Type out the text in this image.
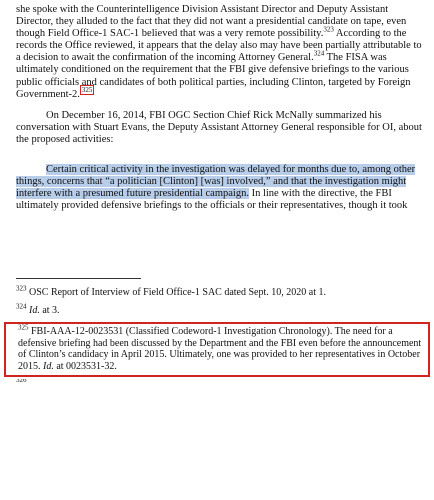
she spoke with the Counterintelligence Division Assistant Director and Deputy Assistant Director, they alluded to the fact that they did not want a presidential candidate on tape, even though Field Office-1 SAC-1 believed that was a very remote possibility.$^{323}$ According to the records the Office reviewed, it appears that the delay also may have been partially attributable to a decision to await the confirmation of the incoming Attorney General.$^{324}$ The FISA was ultimately conditioned on the requirement that the FBI give defensive briefings to the various public officials and candidates of both political parties, including Clinton, targeted by Foreign Government-2. $^{325}$

On December 16, 2014, FBI OGC Section Chief Rick McNally summarized his conversation with Stuart Evans, the Deputy Assistant Attorney General responsible for OI, about the proposed activities:

Certain critical activity in the investigation was delayed for months due to, among other things, concerns that “a politician [Clinton] [was] involved,” and that the investigation might interfere with a presumed future presidential campaign. In line with the directive, the FBI ultimately provided defensive briefings to the officials or their representatives, though it took

$^{323}$ OSC Report of Interview of Field Office-1 SAC dated Sept. 10, 2020 at 1.

$^{324}$ Id. at 3.

$^{325}$ FBI-AAA-12-0023531 (Classified Codeword-1 Investigation Chronology). The need for a defensive briefing had been discussed by the Department and the FBI even before the announcement of Clinton’s candidacy in April 2015. Ultimately, one was provided to her representatives in October 2015. Id. at 0023531-32.

$^{326}$
